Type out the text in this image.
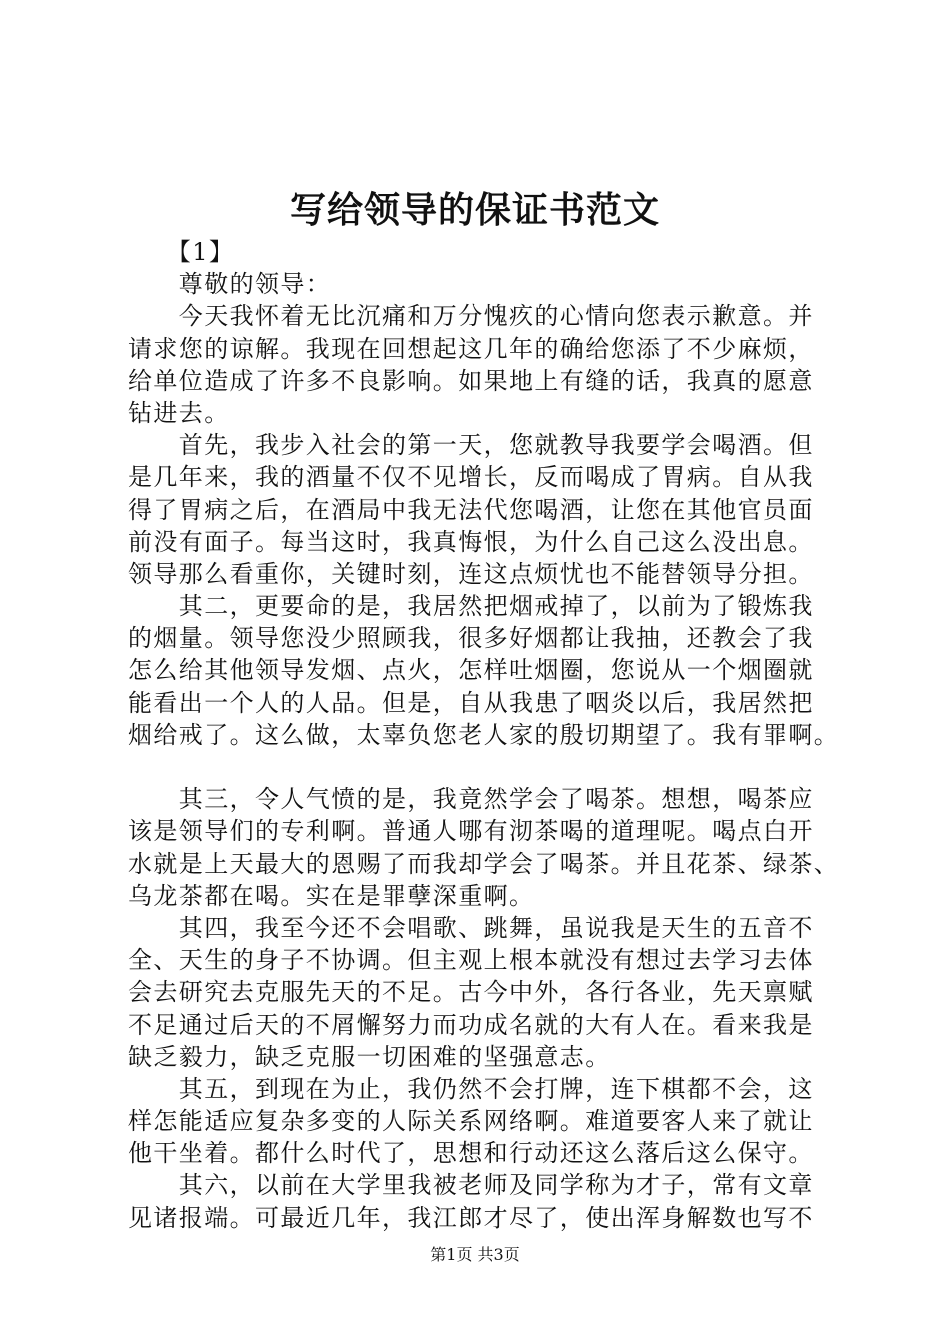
写给领导的保证书范文
　　【1】
　　尊敬的领导：
　　今天我怀着无比沉痛和万分愧疚的心情向您表示歉意。并
请求您的谅解。我现在回想起这几年的确给您添了不少麻烦，
给单位造成了许多不良影响。如果地上有缝的话，我真的愿意
钻进去。
　　首先，我步入社会的第一天，您就教导我要学会喝酒。但
是几年来，我的酒量不仅不见增长，反而喝成了胃病。自从我
得了胃病之后，在酒局中我无法代您喝酒，让您在其他官员面
前没有面子。每当这时，我真悔恨，为什么自己这么没出息。
领导那么看重你，关键时刻，连这点烦忧也不能替领导分担。
　　其二，更要命的是，我居然把烟戒掉了，以前为了锻炼我
的烟量。领导您没少照顾我，很多好烟都让我抽，还教会了我
怎么给其他领导发烟、点火，怎样吐烟圈，您说从一个烟圈就
能看出一个人的人品。但是，自从我患了咽炎以后，我居然把
烟给戒了。这么做，太辜负您老人家的殷切期望了。我有罪啊。
　　其三，令人气愤的是，我竟然学会了喝茶。想想，喝茶应
该是领导们的专利啊。普通人哪有沏茶喝的道理呢。喝点白开
水就是上天最大的恩赐了而我却学会了喝茶。并且花茶、绿茶、
乌龙茶都在喝。实在是罪孽深重啊。
　　其四，我至今还不会唱歌、跳舞，虽说我是天生的五音不
全、天生的身子不协调。但主观上根本就没有想过去学习去体
会去研究去克服先天的不足。古今中外，各行各业，先天禀赋
不足通过后天的不屑懈努力而功成名就的大有人在。看来我是
缺乏毅力，缺乏克服一切困难的坚强意志。
　　其五，到现在为止，我仍然不会打牌，连下棋都不会，这
样怎能适应复杂多变的人际关系网络啊。难道要客人来了就让
他干坐着。都什么时代了，思想和行动还这么落后这么保守。
　　其六，以前在大学里我被老师及同学称为才子，常有文章
见诸报端。可最近几年，我江郎才尽了，使出浑身解数也写不
第1页 共3页
